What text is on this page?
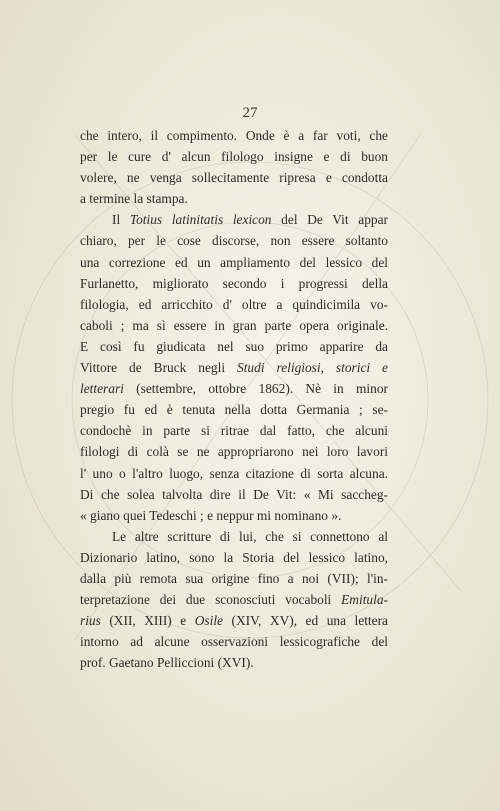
27
che intero, il compimento. Onde è a far voti, che
per le cure d' alcun filologo insigne e di buon
volere, ne venga sollecitamente ripresa e condotta
a termine la stampa.
Il Totius latinitatis lexicon del De Vit appar
chiaro, per le cose discorse, non essere soltanto
una correzione ed un ampliamento del lessico del
Furlanetto, migliorato secondo i progressi della
filologia, ed arricchito d' oltre a quindicimila vo-
caboli ; ma sì essere in gran parte opera originale.
E così fu giudicata nel suo primo apparire da
Vittore de Bruck negli Studi religiosi, storici e
letterari (settembre, ottobre 1862). Nè in minor
pregio fu ed è tenuta nella dotta Germania ; se-
condochè in parte si ritrae dal fatto, che alcuni
filologi di colà se ne appropriarono nei loro lavori
l' uno o l'altro luogo, senza citazione di sorta alcuna.
Di che solea talvolta dire il De Vit: « Mi saccheg-
« giano quei Tedeschi ; e neppur mi nominano ».
Le altre scritture di lui, che si connettono al
Dizionario latino, sono la Storia del lessico latino,
dalla più remota sua origine fino a noi (VII); l'in-
terpretazione dei due sconosciuti vocaboli Emitula-
rius (XII, XIII) e Osile (XIV, XV), ed una lettera
intorno ad alcune osservazioni lessicografiche del
prof. Gaetano Pelliccioni (XVI).
